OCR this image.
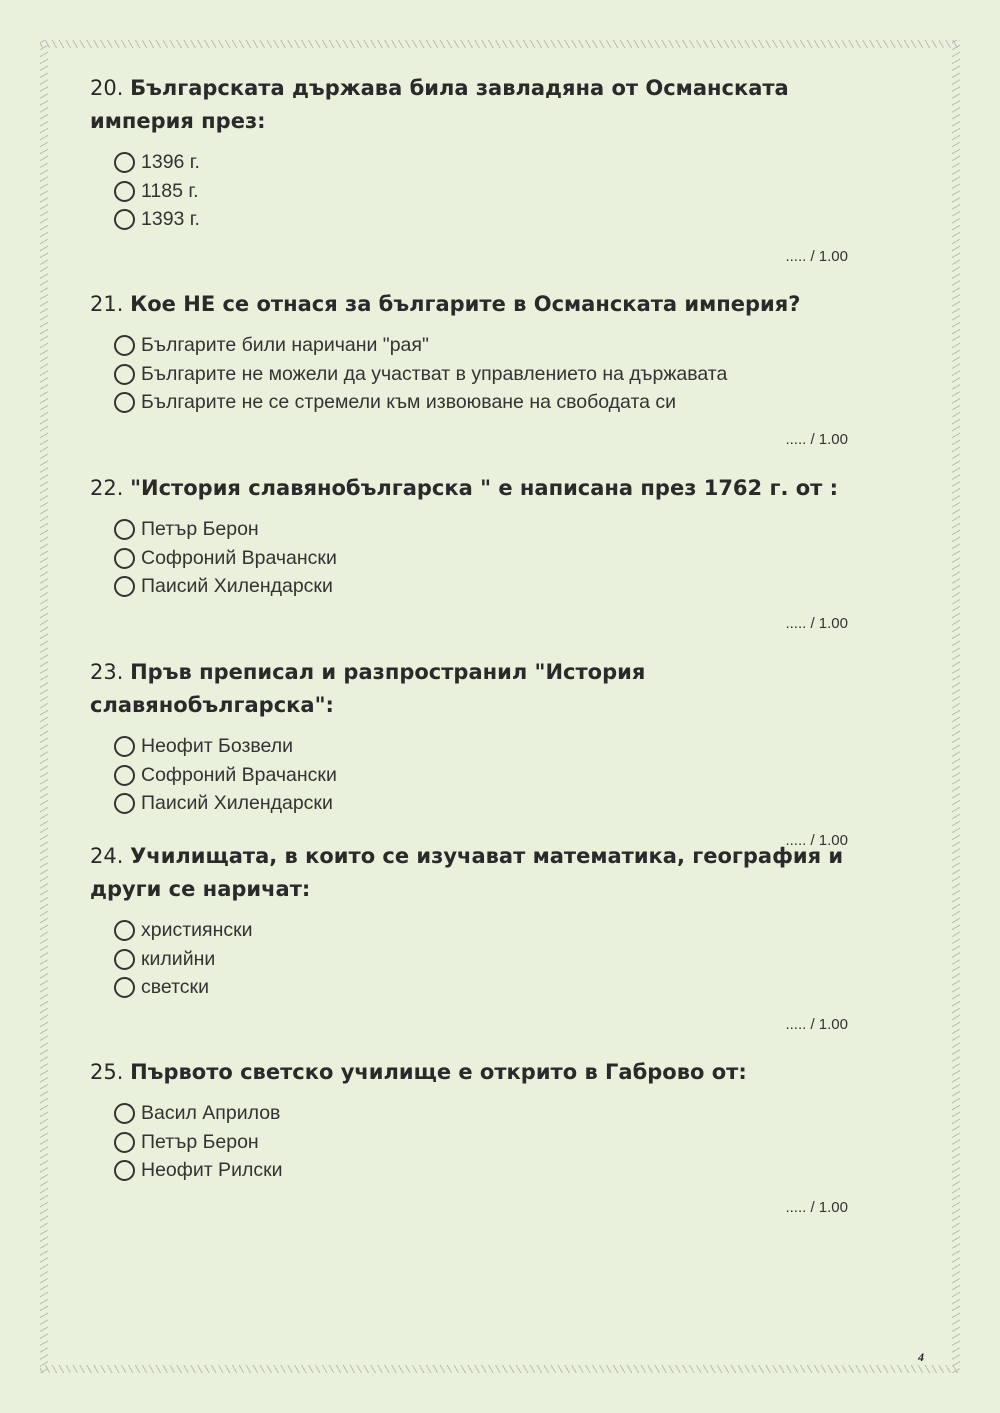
20. Българската държава била завладяна от Османската империя през:

1396 г.
1185 г.
1393 г.
..... / 1.00

21. Кое НЕ се отнася за българите в Османската империя?

Българите били наричани "рая"
Българите не можели да участват в управлението на държавата
Българите не се стремели към извоюване на свободата си
..... / 1.00

22. "История славянобългарска " е написана през 1762 г. от :

Петър Берон
Софроний Врачански
Паисий Хилендарски
..... / 1.00

23. Пръв преписал и разпространил "История славянобългарска":

Неофит Бозвели
Софроний Врачански
Паисий Хилендарски
..... / 1.00

24. Училищата, в които се изучават математика, география и други се наричат:

християнски
килийни
светски
..... / 1.00

25. Първото светско училище е открито в Габрово от:

Васил Априлов
Петър Берон
Неофит Рилски
..... / 1.00
4
